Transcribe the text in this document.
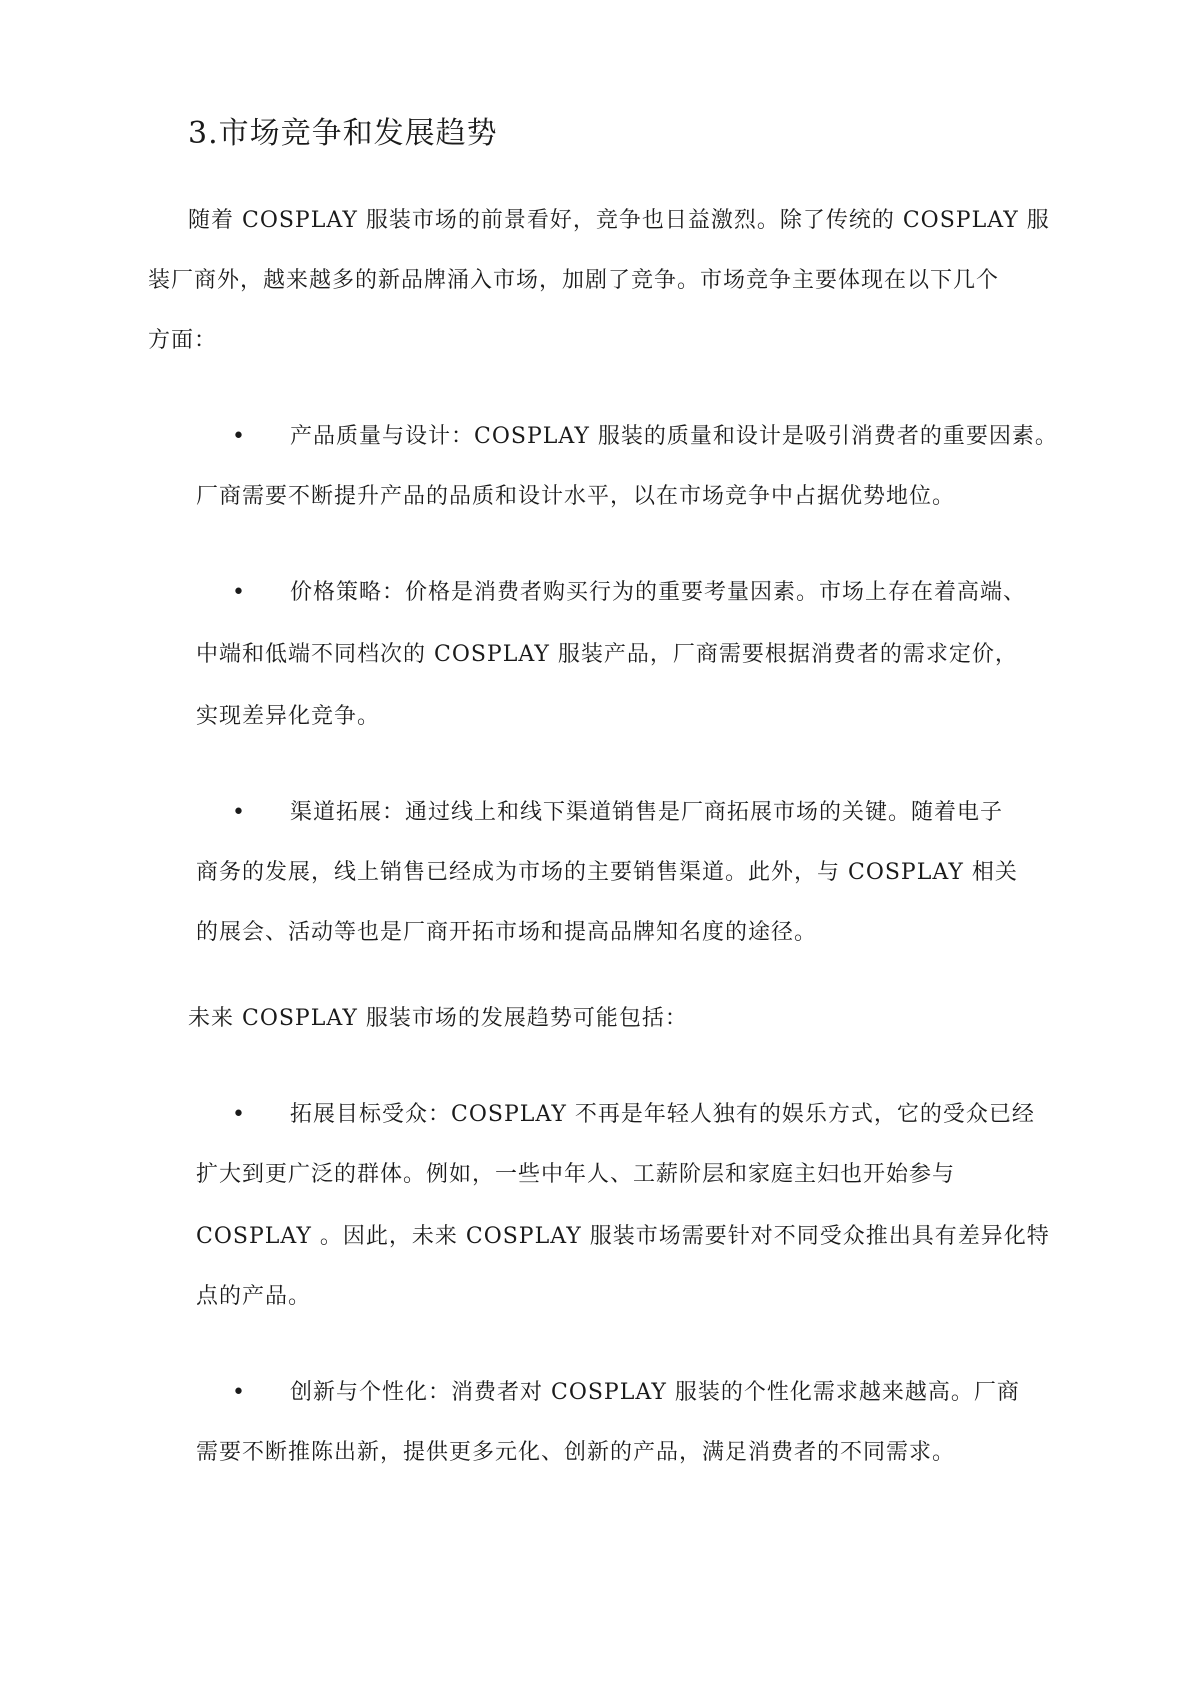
3.市场竞争和发展趋势
随着 COSPLAY 服装市场的前景看好，竞争也日益激烈。除了传统的 COSPLAY 服
装厂商外，越来越多的新品牌涌入市场，加剧了竞争。市场竞争主要体现在以下几个
方面：
• 产品质量与设计：COSPLAY 服装的质量和设计是吸引消费者的重要因素。
厂商需要不断提升产品的品质和设计水平，以在市场竞争中占据优势地位。
• 价格策略：价格是消费者购买行为的重要考量因素。市场上存在着高端、
中端和低端不同档次的 COSPLAY 服装产品，厂商需要根据消费者的需求定价，
实现差异化竞争。
• 渠道拓展：通过线上和线下渠道销售是厂商拓展市场的关键。随着电子
商务的发展，线上销售已经成为市场的主要销售渠道。此外，与 COSPLAY 相关
的展会、活动等也是厂商开拓市场和提高品牌知名度的途径。
未来 COSPLAY 服装市场的发展趋势可能包括：
• 拓展目标受众：COSPLAY 不再是年轻人独有的娱乐方式，它的受众已经
扩大到更广泛的群体。例如，一些中年人、工薪阶层和家庭主妇也开始参与
COSPLAY 。因此，未来 COSPLAY 服装市场需要针对不同受众推出具有差异化特
点的产品。
• 创新与个性化：消费者对 COSPLAY 服装的个性化需求越来越高。厂商
需要不断推陈出新，提供更多元化、创新的产品，满足消费者的不同需求。
